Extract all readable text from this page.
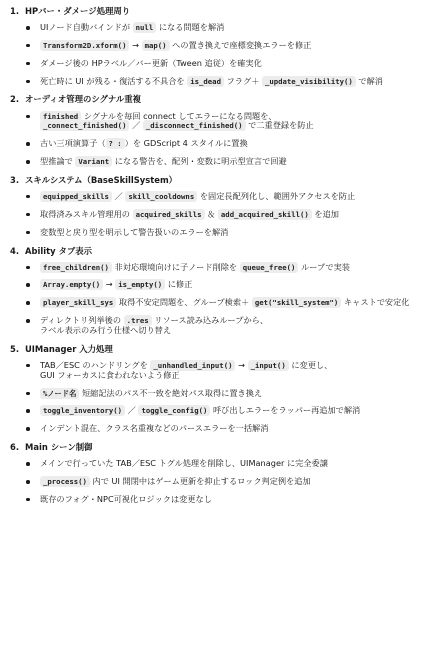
1. HPバー・ダメージ処理周り
UIノード自動バインドが null になる問題を解消
Transform2D.xform() → map() への置き換えで座標変換エラーを修正
ダメージ後の HPラベル／バー更新（Tween 追従）を確実化
死亡時に UI が残る・復活する不具合を is_dead フラグ＋ _update_visibility() で解消
2. オーディオ管理のシグナル重複
finished シグナルを毎回 connect してエラーになる問題を、
_connect_finished() ／ _disconnect_finished() で二重登録を防止
古い三項演算子（ ? : ）を GDScript 4 スタイルに置換
型推論で Variant になる警告を、配列・変数に明示型宣言で回避
3. スキルシステム（BaseSkillSystem）
equipped_skills ／ skill_cooldowns を固定長配列化し、範囲外アクセスを防止
取得済みスキル管理用の acquired_skills ＆ add_acquired_skill() を追加
変数型と戻り型を明示して警告扱いのエラーを解消
4. Ability タブ表示
free_children() 非対応環境向けに子ノード削除を queue_free() ループで実装
Array.empty() → is_empty() に修正
player_skill_sys 取得不安定問題を、グループ検索＋ get("skill_system") キャストで安定化
ディレクトリ列挙後の .tres リソース読み込みループから、
ラベル表示のみ行う仕様へ切り替え
5. UIManager 入力処理
TAB／ESC のハンドリングを _unhandled_input() → _input() に変更し、
GUI フォーカスに食われないよう修正
%ノード名 短縮記法のパス不一致を絶対パス取得に置き換え
toggle_inventory() ／ toggle_config() 呼び出しエラーをラッパー再追加で解消
インデント混在、クラス名重複などのパースエラーを一括解消
6. Main シーン制御
メインで行っていた TAB／ESC トグル処理を削除し、UIManager に完全委譲
_process() 内で UI 開閉中はゲーム更新を抑止するロック判定例を追加
既存のフォグ・NPC可視化ロジックは変更なし
